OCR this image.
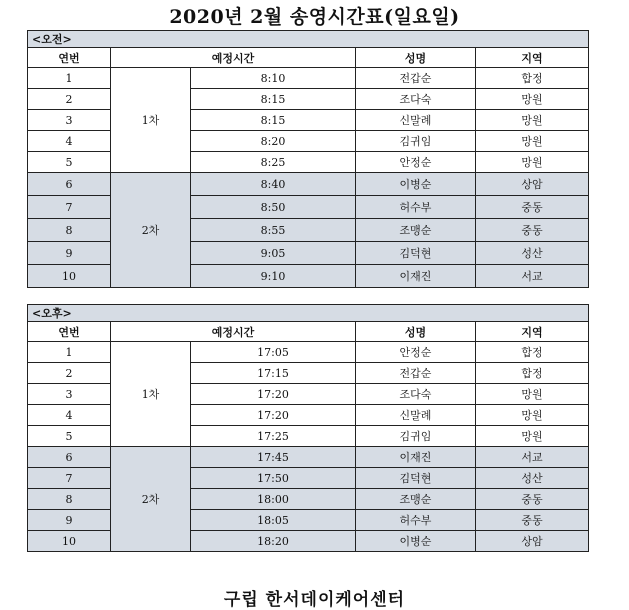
2020년 2월 송영시간표(일요일)
<오전>				
연번	예정시간		성명	지역
1	1차	8:10	전갑순	합정
2		8:15	조다숙	망원
3		8:15	신말례	망원
4		8:20	김귀임	망원
5		8:25	안정순	망원
6	2차	8:40	이병순	상암
7		8:50	허수부	중동
8		8:55	조맹순	중동
9		9:05	김덕현	성산
10		9:10	이재진	서교
<오후>				
연번	예정시간		성명	지역
1	1차	17:05	안정순	합정
2		17:15	전갑순	합정
3		17:20	조다숙	망원
4		17:20	신말례	망원
5		17:25	김귀임	망원
6	2차	17:45	이재진	서교
7		17:50	김덕현	성산
8		18:00	조맹순	중동
9		18:05	허수부	중동
10		18:20	이병순	상암
구립 한서데이케어센터
